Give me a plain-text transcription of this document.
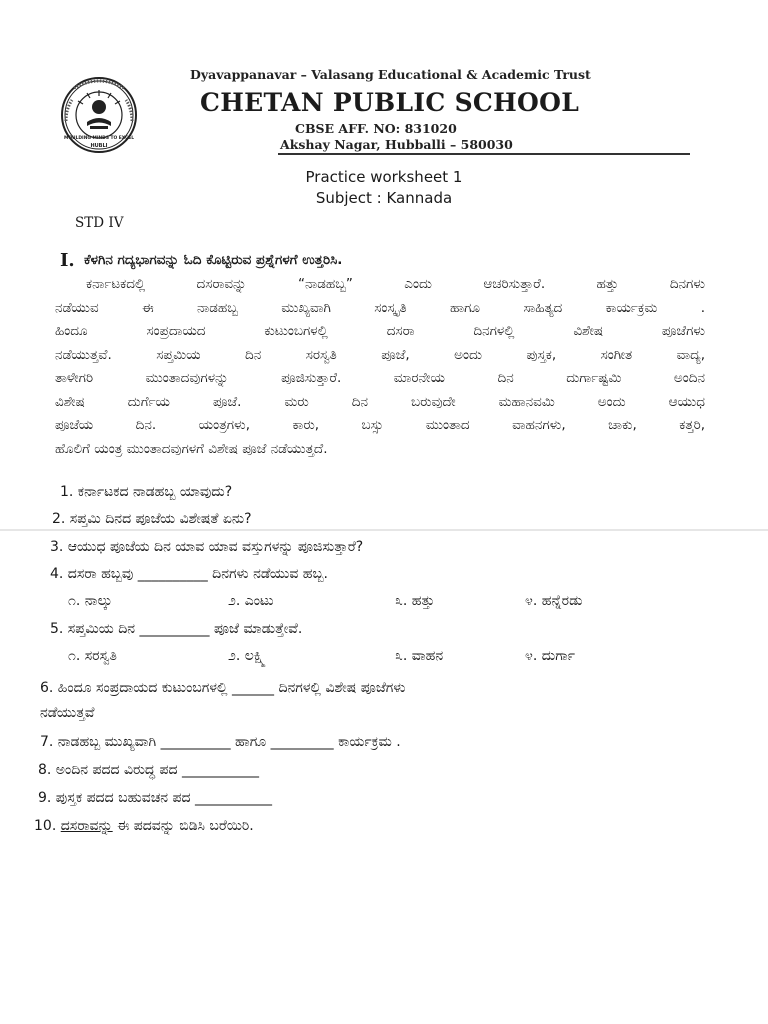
MOULDING MINDS TO EXCEL
HUBLI
Dyavappanavar – Valasang Educational & Academic Trust
CHETAN PUBLIC SCHOOL
CBSE AFF. NO: 831020
Akshay Nagar, Hubballi – 580030
Practice worksheet 1
Subject : Kannada
STD IV
I. ಕೆಳಗಿನ ಗದ್ಯಭಾಗವನ್ನು ಓದಿ ಕೊಟ್ಟಿರುವ ಪ್ರಶ್ನೆಗಳಗೆ ಉತ್ತರಿಸಿ.

ಕರ್ನಾಟಕದಲ್ಲಿ ದಸರಾವನ್ನು “ನಾಡಹಬ್ಬ” ಎಂದು ಆಚರಿಸುತ್ತಾರೆ. ಹತ್ತು ದಿನಗಳು

ನಡೆಯುವ ಈ ನಾಡಹಬ್ಬ ಮುಖ್ಯವಾಗಿ ಸಂಸ್ಕೃತಿ ಹಾಗೂ ಸಾಹಿತ್ಯದ ಕಾರ್ಯಕ್ರಮ .

ಹಿಂದೂ ಸಂಪ್ರದಾಯದ ಕುಟುಂಬಗಳಲ್ಲಿ ದಸರಾ ದಿನಗಳಲ್ಲಿ ವಿಶೇಷ ಪೂಜೆಗಳು

ನಡೆಯುತ್ತವೆ. ಸಪ್ತಮಿಯ ದಿನ ಸರಸ್ವತಿ ಪೂಜೆ, ಅಂದು ಪುಸ್ತಕ, ಸಂಗೀತ ವಾದ್ಯ,

ತಾಳೇಗರಿ ಮುಂತಾದವುಗಳನ್ನು ಪೂಜಿಸುತ್ತಾರೆ. ಮಾರನೇಯ ದಿನ ದುರ್ಗಾಷ್ಟಮಿ ಅಂದಿನ

ವಿಶೇಷ ದುರ್ಗೆಯ ಪೂಜೆ. ಮರು ದಿನ ಬರುವುದೇ ಮಹಾನವಮಿ ಅಂದು ಆಯುಧ

ಪೂಜೆಯ ದಿನ. ಯಂತ್ರಗಳು, ಕಾರು, ಬಸ್ಸು ಮುಂತಾದ ವಾಹನಗಳು, ಚಾಕು, ಕತ್ತರಿ,

ಹೊಲಿಗೆ ಯಂತ್ರ ಮುಂತಾದವುಗಳಗೆ ವಿಶೇಷ ಪೂಜೆ ನಡೆಯುತ್ತದೆ.

1. ಕರ್ನಾಟಕದ ನಾಡಹಬ್ಬ ಯಾವುದು?
2. ಸಪ್ತಮಿ ದಿನದ ಪೂಜೆಯ ವಿಶೇಷತೆ ಏನು?
3. ಆಯುಧ ಪೂಜೆಯ ದಿನ ಯಾವ ಯಾವ ವಸ್ತುಗಳನ್ನು ಪೂಜಿಸುತ್ತಾರೆ?
4. ದಸರಾ ಹಬ್ಬವು __________ ದಿನಗಳು ನಡೆಯುವ ಹಬ್ಬ.
೧. ನಾಲ್ಕು	೨. ಎಂಟು	೩. ಹತ್ತು	೪. ಹನ್ನೆರಡು
5. ಸಪ್ತಮಿಯ ದಿನ __________ ಪೂಜೆ ಮಾಡುತ್ತೇವೆ.
೧. ಸರಸ್ವತಿ	೨. ಲಕ್ಷ್ಮಿ	೩. ವಾಹನ	೪. ದುರ್ಗಾ
6. ಹಿಂದೂ ಸಂಪ್ರದಾಯದ ಕುಟುಂಬಗಳಲ್ಲಿ ______ ದಿನಗಳಲ್ಲಿ ವಿಶೇಷ ಪೂಜೆಗಳು
ನಡೆಯುತ್ತವೆ
7. ನಾಡಹಬ್ಬ ಮುಖ್ಯವಾಗಿ __________ ಹಾಗೂ _________ ಕಾರ್ಯಕ್ರಮ .
8. ಅಂದಿನ ಪದದ ವಿರುದ್ಧ ಪದ ___________
9. ಪುಸ್ತಕ ಪದದ ಬಹುವಚನ ಪದ ___________
10. ದಸರಾವನ್ನು ಈ ಪದವನ್ನು ಬಿಡಿಸಿ ಬರೆಯಿರಿ.
